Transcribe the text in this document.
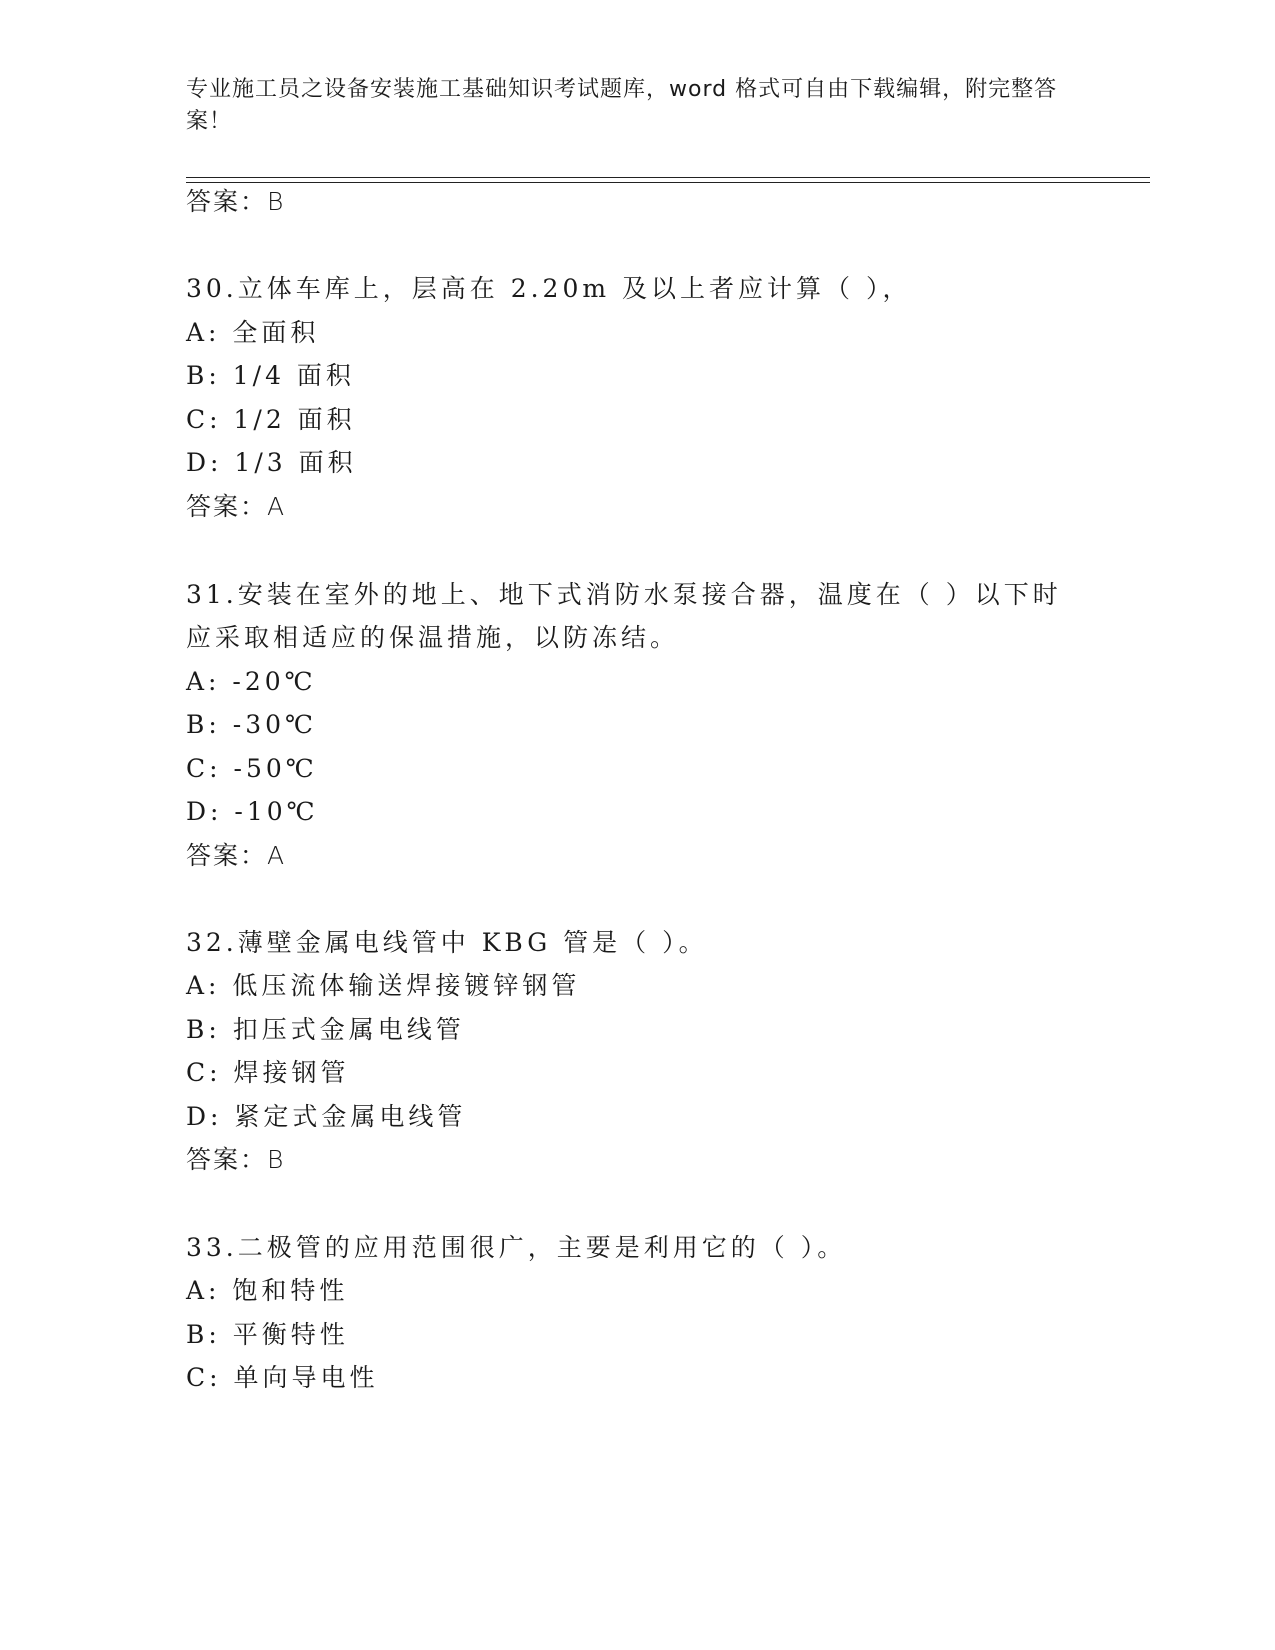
专业施工员之设备安装施工基础知识考试题库，word 格式可自由下载编辑，附完整答案！
答案：B
30.立体车库上，层高在 2.20m 及以上者应计算（ ），
A: 全面积
B: 1/4 面积
C: 1/2 面积
D: 1/3 面积
答案：A
31.安装在室外的地上、地下式消防水泵接合器，温度在（ ）以下时
应采取相适应的保温措施，以防冻结。
A: -20℃
B: -30℃
C: -50℃
D: -10℃
答案：A
32.薄壁金属电线管中 KBG 管是（ ）。
A: 低压流体输送焊接镀锌钢管
B: 扣压式金属电线管
C: 焊接钢管
D: 紧定式金属电线管
答案：B
33.二极管的应用范围很广，主要是利用它的（ ）。
A: 饱和特性
B: 平衡特性
C: 单向导电性
